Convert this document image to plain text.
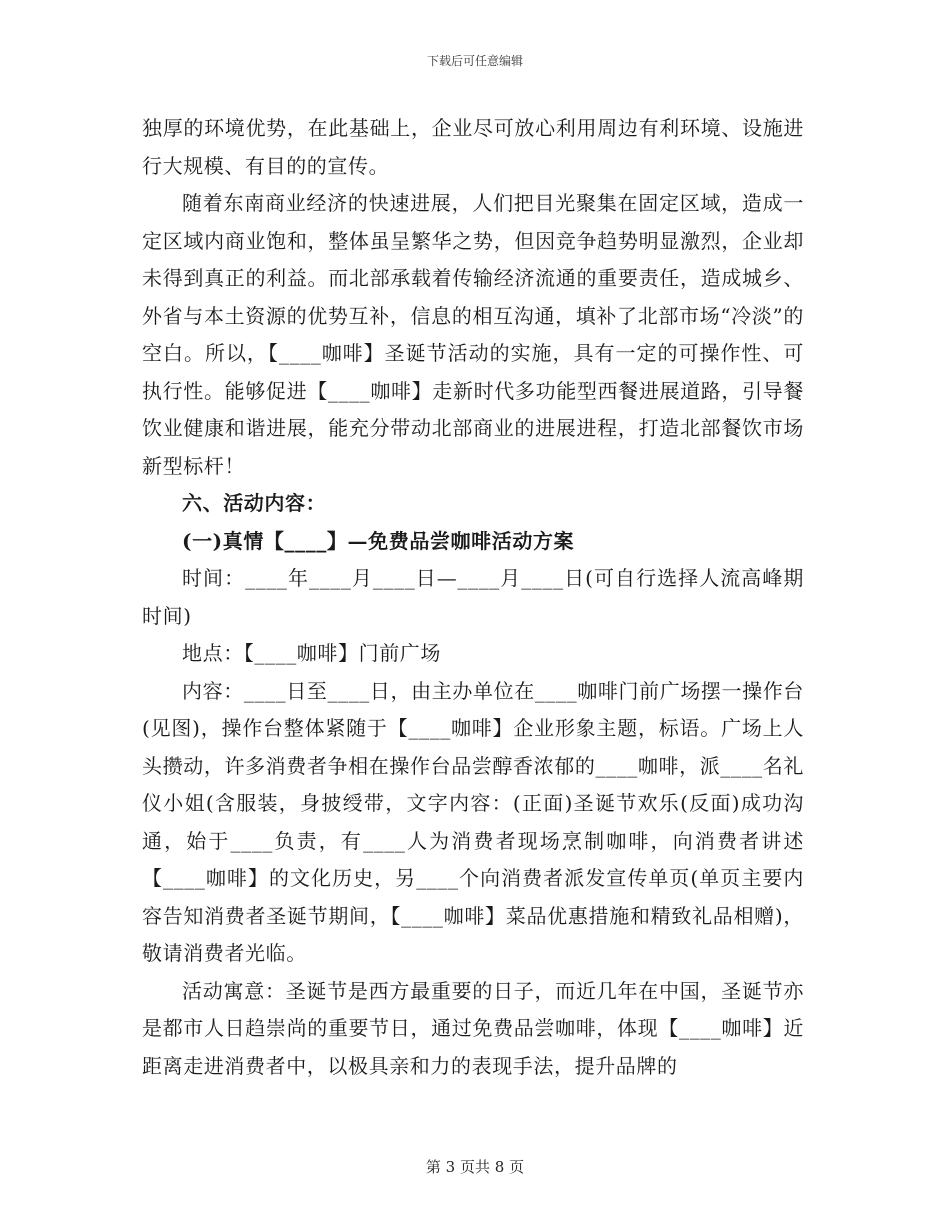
下载后可任意编辑

独厚的环境优势，在此基础上，企业尽可放心利用周边有利环境、设施进行大规模、有目的的宣传。

随着东南商业经济的快速进展，人们把目光聚集在固定区域，造成一定区域内商业饱和，整体虽呈繁华之势，但因竞争趋势明显激烈，企业却未得到真正的利益。而北部承载着传输经济流通的重要责任，造成城乡、外省与本土资源的优势互补，信息的相互沟通，填补了北部市场“冷淡”的空白。所以，【____咖啡】圣诞节活动的实施，具有一定的可操作性、可执行性。能够促进【____咖啡】走新时代多功能型西餐进展道路，引导餐饮业健康和谐进展，能充分带动北部商业的进展进程，打造北部餐饮市场新型标杆！

六、活动内容：

(一)真情【____】—免费品尝咖啡活动方案

时间：____年____月____日—____月____日(可自行选择人流高峰期时间)

地点：【____咖啡】门前广场

内容：____日至____日，由主办单位在____咖啡门前广场摆一操作台(见图)，操作台整体紧随于【____咖啡】企业形象主题，标语。广场上人头攒动，许多消费者争相在操作台品尝醇香浓郁的____咖啡，派____名礼仪小姐(含服装，身披绶带，文字内容：(正面)圣诞节欢乐(反面)成功沟通，始于____负责，有____人为消费者现场烹制咖啡，向消费者讲述【____咖啡】的文化历史，另____个向消费者派发宣传单页(单页主要内容告知消费者圣诞节期间，【____咖啡】菜品优惠措施和精致礼品相赠)，敬请消费者光临。

活动寓意：圣诞节是西方最重要的日子，而近几年在中国，圣诞节亦是都市人日趋崇尚的重要节日，通过免费品尝咖啡，体现【____咖啡】近距离走进消费者中，以极具亲和力的表现手法，提升品牌的

第 3 页共 8 页
